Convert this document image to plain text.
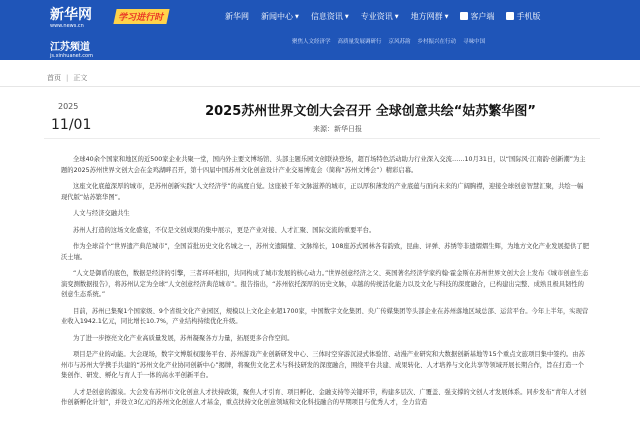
新华网
www.news.cn
江苏频道
js.xinhuanet.com
学习进行时	新华网 新闻中心 ▼ 信息资讯 ▼ 专业资讯 ▼ 地方网群 ▼	客户端	手机版
聚焦人文经济学 高质量发展调研行 京风苏韵 乡村振兴在行动 寻味中国
首页 | 正文
2025
11/01
2025苏州世界文创大会召开 全球创意共绘“姑苏繁华图”
来源：新华日报

全球40余个国家和地区的近500家企业共聚一堂，国内外主要文博场馆、头部主题乐园文创联袂登场，超百场特色活动助力行业深入交流……10月31日，以“国际风·江南韵·创新潮”为主题的2025苏州世界文创大会在金鸡湖畔召开，第十四届中国苏州文化创意设计产业交易博览会（简称“苏州文博会”）精彩启幕。

这座文化底蕴深厚的城市，是苏州创新实践“人文经济学”的高度自觉。这座被千年文脉滋养的城市，正以厚积薄发的产业底蕴与面向未来的广阔胸襟，迎接全球创意智慧汇聚，共绘一幅现代版“姑苏繁华图”。

人文与经济交融共生

苏州人打造的这场文化盛宴，不仅是文创成果的集中展示，更是产业对接、人才汇聚、国际交流的重要平台。

作为全球首个“世界遗产典范城市”，全国首批历史文化名城之一，苏州文遗隔璧、文脉绵长，108座苏式园林各有韵致，昆曲、评弹、苏绣等非遗熠熠生辉，为地方文化产业发展提供了肥沃土壤。

“人文是御盾的底色，数据是经济的引擎，三者环环相扣，共同构成了城市发展的核心动力。”世界创意经济之父、英国著名经济学家约翰·霍金斯在苏州世界文创大会上发布《城市创意生态演变测数据报告》，将苏州认定为全球“人文创意经济典范城市”。报告指出，“苏州依托深厚的历史文脉，卓越的传统活化能力以及文化与科技的深度融合，已构建出完整、成熟且极具韧性的创意生态系统。”

目前，苏州已集聚1个国家级、9个省级文化产业园区，规模以上文化企业超1700家，中国数字文化集团、央广传媒集团等头部企业在苏州落地区域总部、运营平台。今年上半年，实现营业收入1942.1亿元，同比增长10.7%，产业结构持续优化升级。

为了进一步擦亮文化产业高质量发展，苏州凝聚各方力量，拓展更多合作空间。

项目是产业的动能。大会现场，数字文博版权服务平台、苏州游戏产业创新研发中心、三体时空穿游沉浸式体验馆、动漫产业研究和大数据创新基地等15个重点文旅项目集中签约。由苏州市与苏州大学携手共建的“苏州文化产业协同创新中心”揭牌，将聚焦文化艺术与科技研发的深度融合，围绕平台共建、成果转化、人才培养与文化共享等领域开展长期合作，旨在打造一个集创作、研发、孵化与育人于一体的高水平创新平台。

人才是创意的源泉。大会发布苏州市文化创意人才扶持政策，聚焦人才引育、项目孵化、金融支持等关键环节，构建多层次、广覆盖、强支撑的文创人才发展体系。同步发布“青年人才创作创新孵化计划”，并设立3亿元的苏州文化创意人才基金，重点扶持文化创意领域和文化科技融合的早期项目与优秀人才，全力营造
